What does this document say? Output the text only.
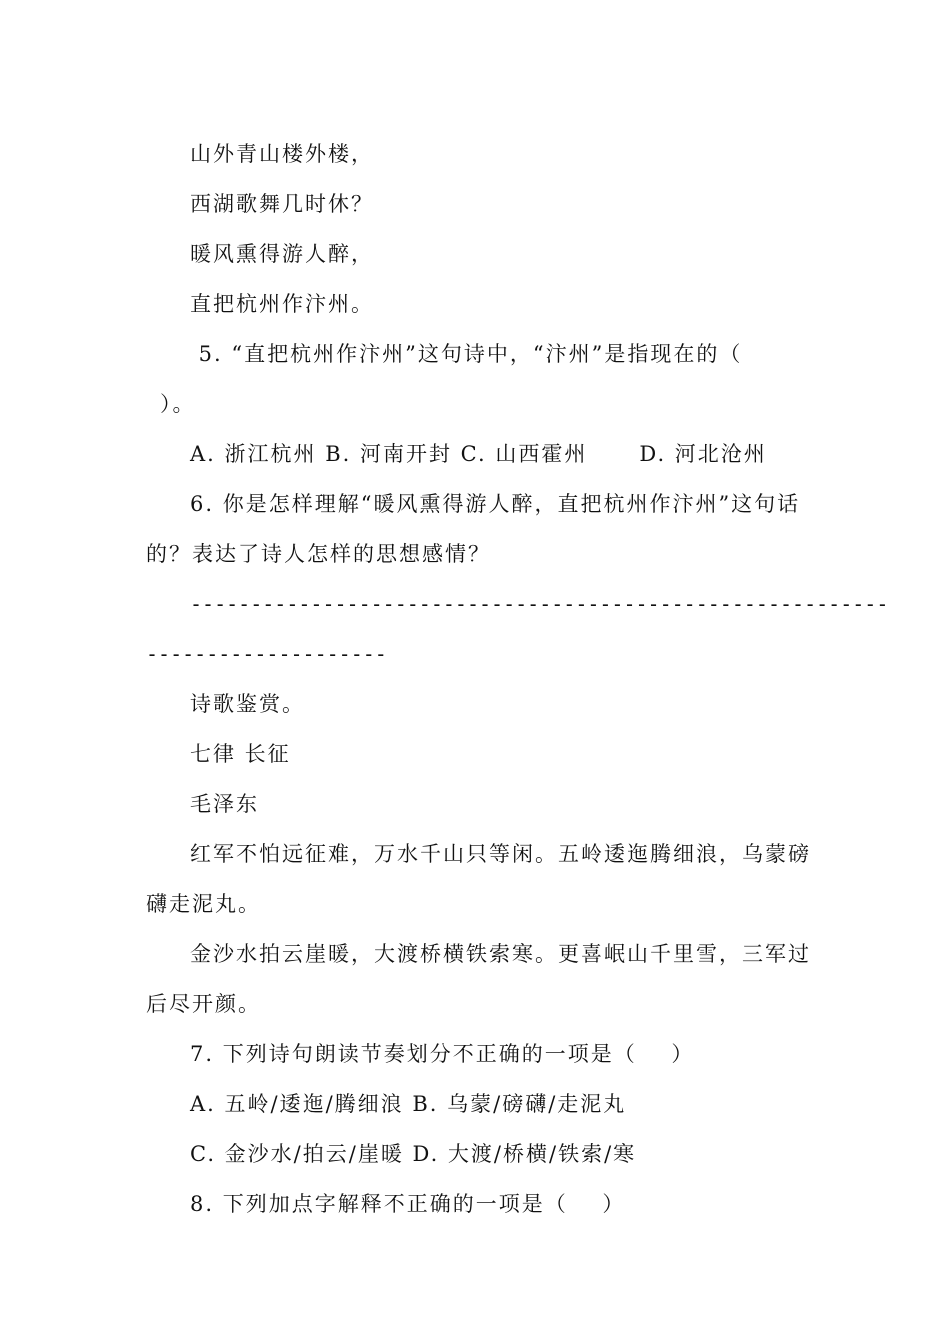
山外青山楼外楼，

西湖歌舞几时休？

暖风熏得游人醉，

直把杭州作汴州。

5. “直把杭州作汴州”这句诗中，“汴州”是指现在的（

）。

A. 浙江杭州 B. 河南开封 C. 山西霍州      D. 河北沧州

6. 你是怎样理解“暖风熏得游人醉，直把杭州作汴州”这句话

的？表达了诗人怎样的思想感情？

----------------------------------------------------------

--------------------

诗歌鉴赏。

七律 长征

毛泽东

红军不怕远征难，万水千山只等闲。五岭逶迤腾细浪，乌蒙磅

礴走泥丸。

金沙水拍云崖暖，大渡桥横铁索寒。更喜岷山千里雪，三军过

后尽开颜。

7. 下列诗句朗读节奏划分不正确的一项是（    ）

A. 五岭/逶迤/腾细浪 B. 乌蒙/磅礴/走泥丸

C. 金沙水/拍云/崖暖 D. 大渡/桥横/铁索/寒

8. 下列加点字解释不正确的一项是（    ）
